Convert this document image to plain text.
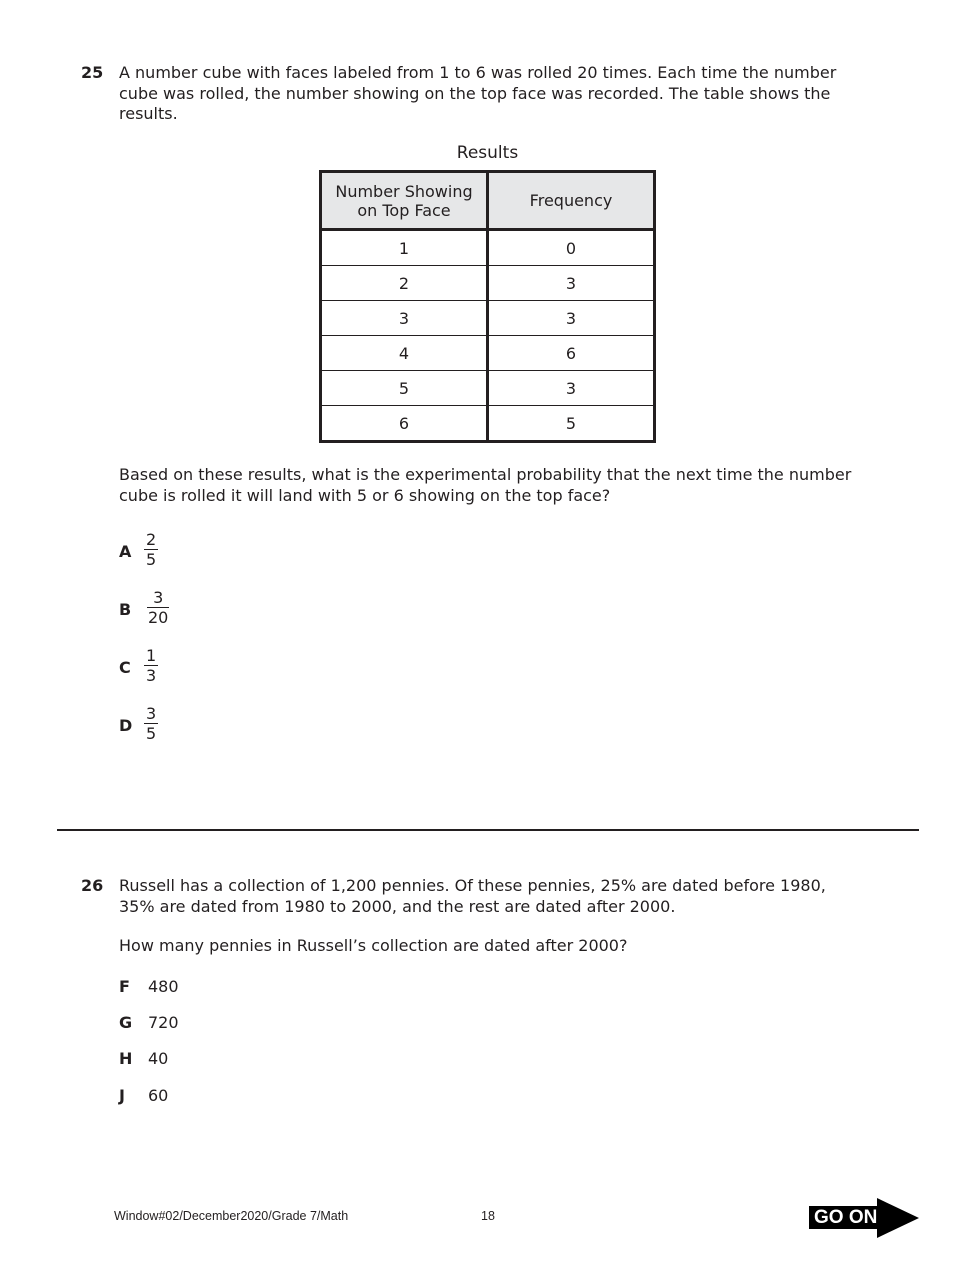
25 A number cube with faces labeled from 1 to 6 was rolled 20 times. Each time the number cube was rolled, the number showing on the top face was recorded. The table shows the results.
Results
Number Showing on Top Face	Frequency
1	0
2	3
3	3
4	6
5	3
6	5
Based on these results, what is the experimental probability that the next time the number cube is rolled it will land with 5 or 6 showing on the top face?
A $\frac{2}{5}$
B $\frac{3}{20}$
C $\frac{1}{3}$
D $\frac{3}{5}$
26 Russell has a collection of 1,200 pennies. Of these pennies, 25% are dated before 1980, 35% are dated from 1980 to 2000, and the rest are dated after 2000.
How many pennies in Russell’s collection are dated after 2000?
F 480
G 720
H 40
J 60
Window#02/December2020/Grade 7/Math	18	GO ON
